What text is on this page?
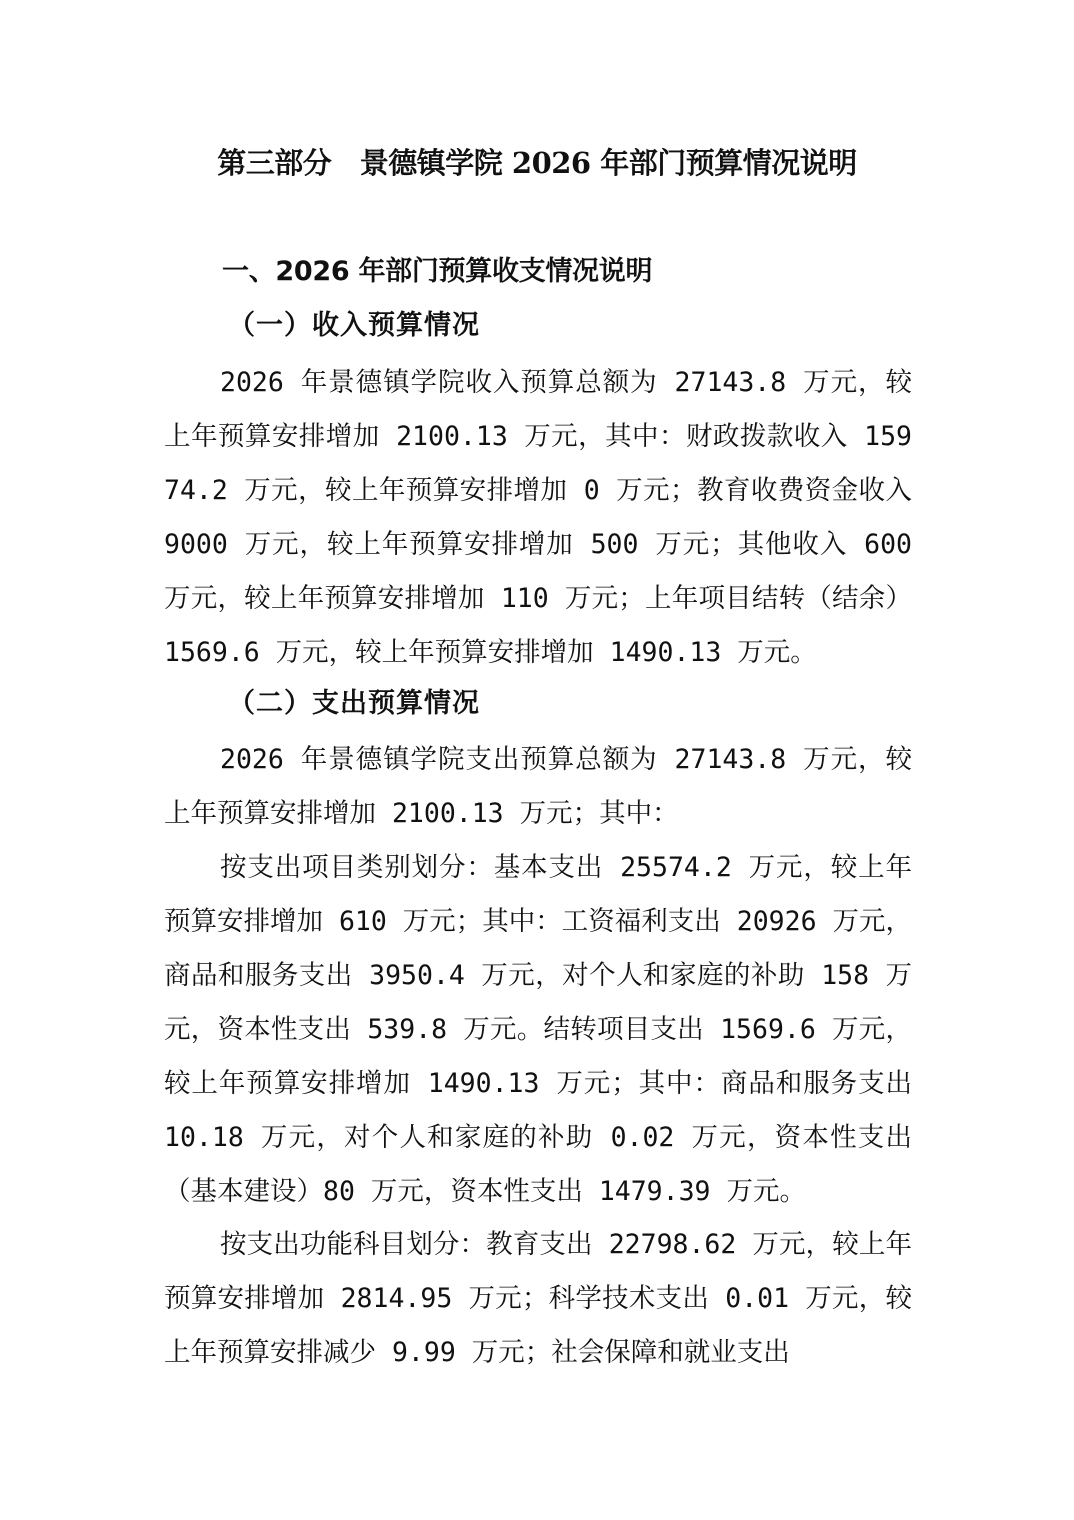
第三部分　景德镇学院 2026 年部门预算情况说明
一、2026 年部门预算收支情况说明
（一）收入预算情况

2026 年景德镇学院收入预算总额为 27143.8 万元，较上年预算安排增加 2100.13 万元，其中：财政拨款收入 15974.2 万元，较上年预算安排增加 0 万元；教育收费资金收入 9000 万元，较上年预算安排增加 500 万元；其他收入 600 万元，较上年预算安排增加 110 万元；上年项目结转（结余）1569.6 万元，较上年预算安排增加 1490.13 万元。

（二）支出预算情况

2026 年景德镇学院支出预算总额为 27143.8 万元，较上年预算安排增加 2100.13 万元；其中：

按支出项目类别划分：基本支出 25574.2 万元，较上年预算安排增加 610 万元；其中：工资福利支出 20926 万元，商品和服务支出 3950.4 万元，对个人和家庭的补助 158 万元，资本性支出 539.8 万元。结转项目支出 1569.6 万元，较上年预算安排增加 1490.13 万元；其中：商品和服务支出 10.18 万元，对个人和家庭的补助 0.02 万元，资本性支出（基本建设）80 万元，资本性支出 1479.39 万元。

按支出功能科目划分：教育支出 22798.62 万元，较上年预算安排增加 2814.95 万元；科学技术支出 0.01 万元，较上年预算安排减少 9.99 万元；社会保障和就业支出
